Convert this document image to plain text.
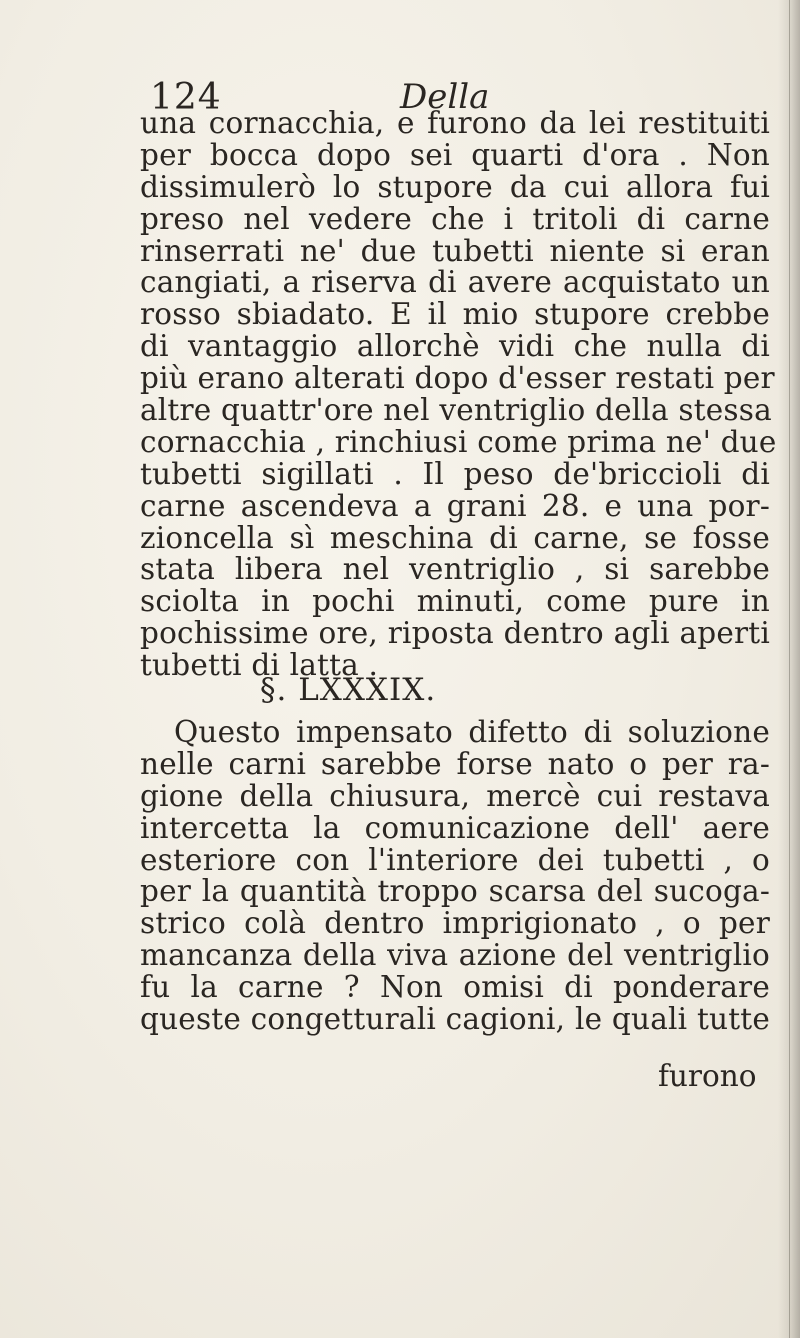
124	Della
una cornacchia, e furono da lei restituiti
per bocca dopo sei quarti d'ora . Non
dissimulerò lo stupore da cui allora fui
preso nel vedere che i tritoli di carne
rinserrati ne' due tubetti niente si eran
cangiati, a riserva di avere acquistato un
rosso sbiadato. E il mio stupore crebbe
di vantaggio allorchè vidi che nulla di
più erano alterati dopo d'esser restati per
altre quattr'ore nel ventriglio della stessa
cornacchia , rinchiusi come prima ne' due
tubetti sigillati . Il peso de'briccioli di
carne ascendeva a grani 28. e una por-
zioncella sì meschina di carne, se fosse
stata libera nel ventriglio , si sarebbe
sciolta in pochi minuti, come pure in
pochissime ore, riposta dentro agli aperti
tubetti di latta .
§. LXXXIX.
Questo impensato difetto di soluzione
nelle carni sarebbe forse nato o per ra-
gione della chiusura, mercè cui restava
intercetta la comunicazione dell' aere
esteriore con l'interiore dei tubetti , o
per la quantità troppo scarsa del sucoga-
strico colà dentro imprigionato , o per
mancanza della viva azione del ventriglio
fu la carne ? Non omisi di ponderare
queste congetturali cagioni, le quali tutte
furono
